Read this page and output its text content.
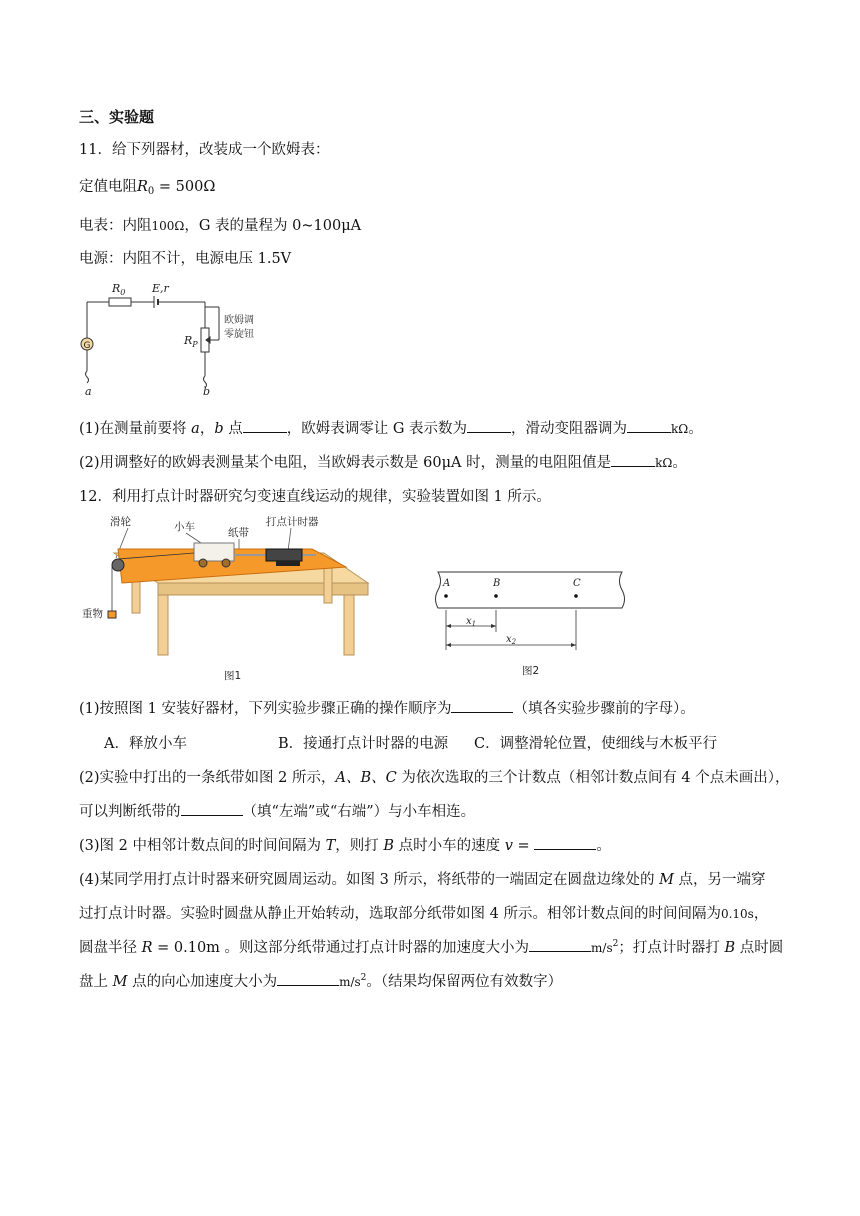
三、实验题
11．给下列器材，改装成一个欧姆表：
定值电阻$R_0 = 500\Omega$
电表：内阻100Ω，G 表的量程为 0~100μA
电源：内阻不计，电源电压 1.5V
G
$R_0$ E,r
$R_P$
欧姆调
零旋钮
a	b
(1)在测量前要将 a，b 点	，欧姆表调零让 G 表示数为	，滑动变阻器调为	kΩ。
(2)用调整好的欧姆表测量某个电阻，当欧姆表示数是 60μA 时，测量的电阻阻值是	kΩ。
12．利用打点计时器研究匀变速直线运动的规律，实验装置如图 1 所示。
滑轮	小车	纸带
打点计时器
重物
图1
A	B	C
$x_1$
$x_2$
图2
(1)按照图 1 安装好器材，下列实验步骤正确的操作顺序为	（填各实验步骤前的字母）。
A．释放小车	B．接通打点计时器的电源 C．调整滑轮位置，使细线与木板平行
(2)实验中打出的一条纸带如图 2 所示，A、B、C 为依次选取的三个计数点（相邻计数点间有 4 个点未画出），
可以判断纸带的	（填“左端”或“右端”）与小车相连。
(3)图 2 中相邻计数点间的时间间隔为 T，则打 B 点时小车的速度 v =	。
(4)某同学用打点计时器来研究圆周运动。如图 3 所示，将纸带的一端固定在圆盘边缘处的 M 点，另一端穿
过打点计时器。实验时圆盘从静止开始转动，选取部分纸带如图 4 所示。相邻计数点间的时间间隔为0.10s，
圆盘半径 R = 0.10m 。则这部分纸带通过打点计时器的加速度大小为	$m/s^2$；打点计时器打 B 点时圆
盘上 M 点的向心加速度大小为	$m/s^2$。（结果均保留两位有效数字）
